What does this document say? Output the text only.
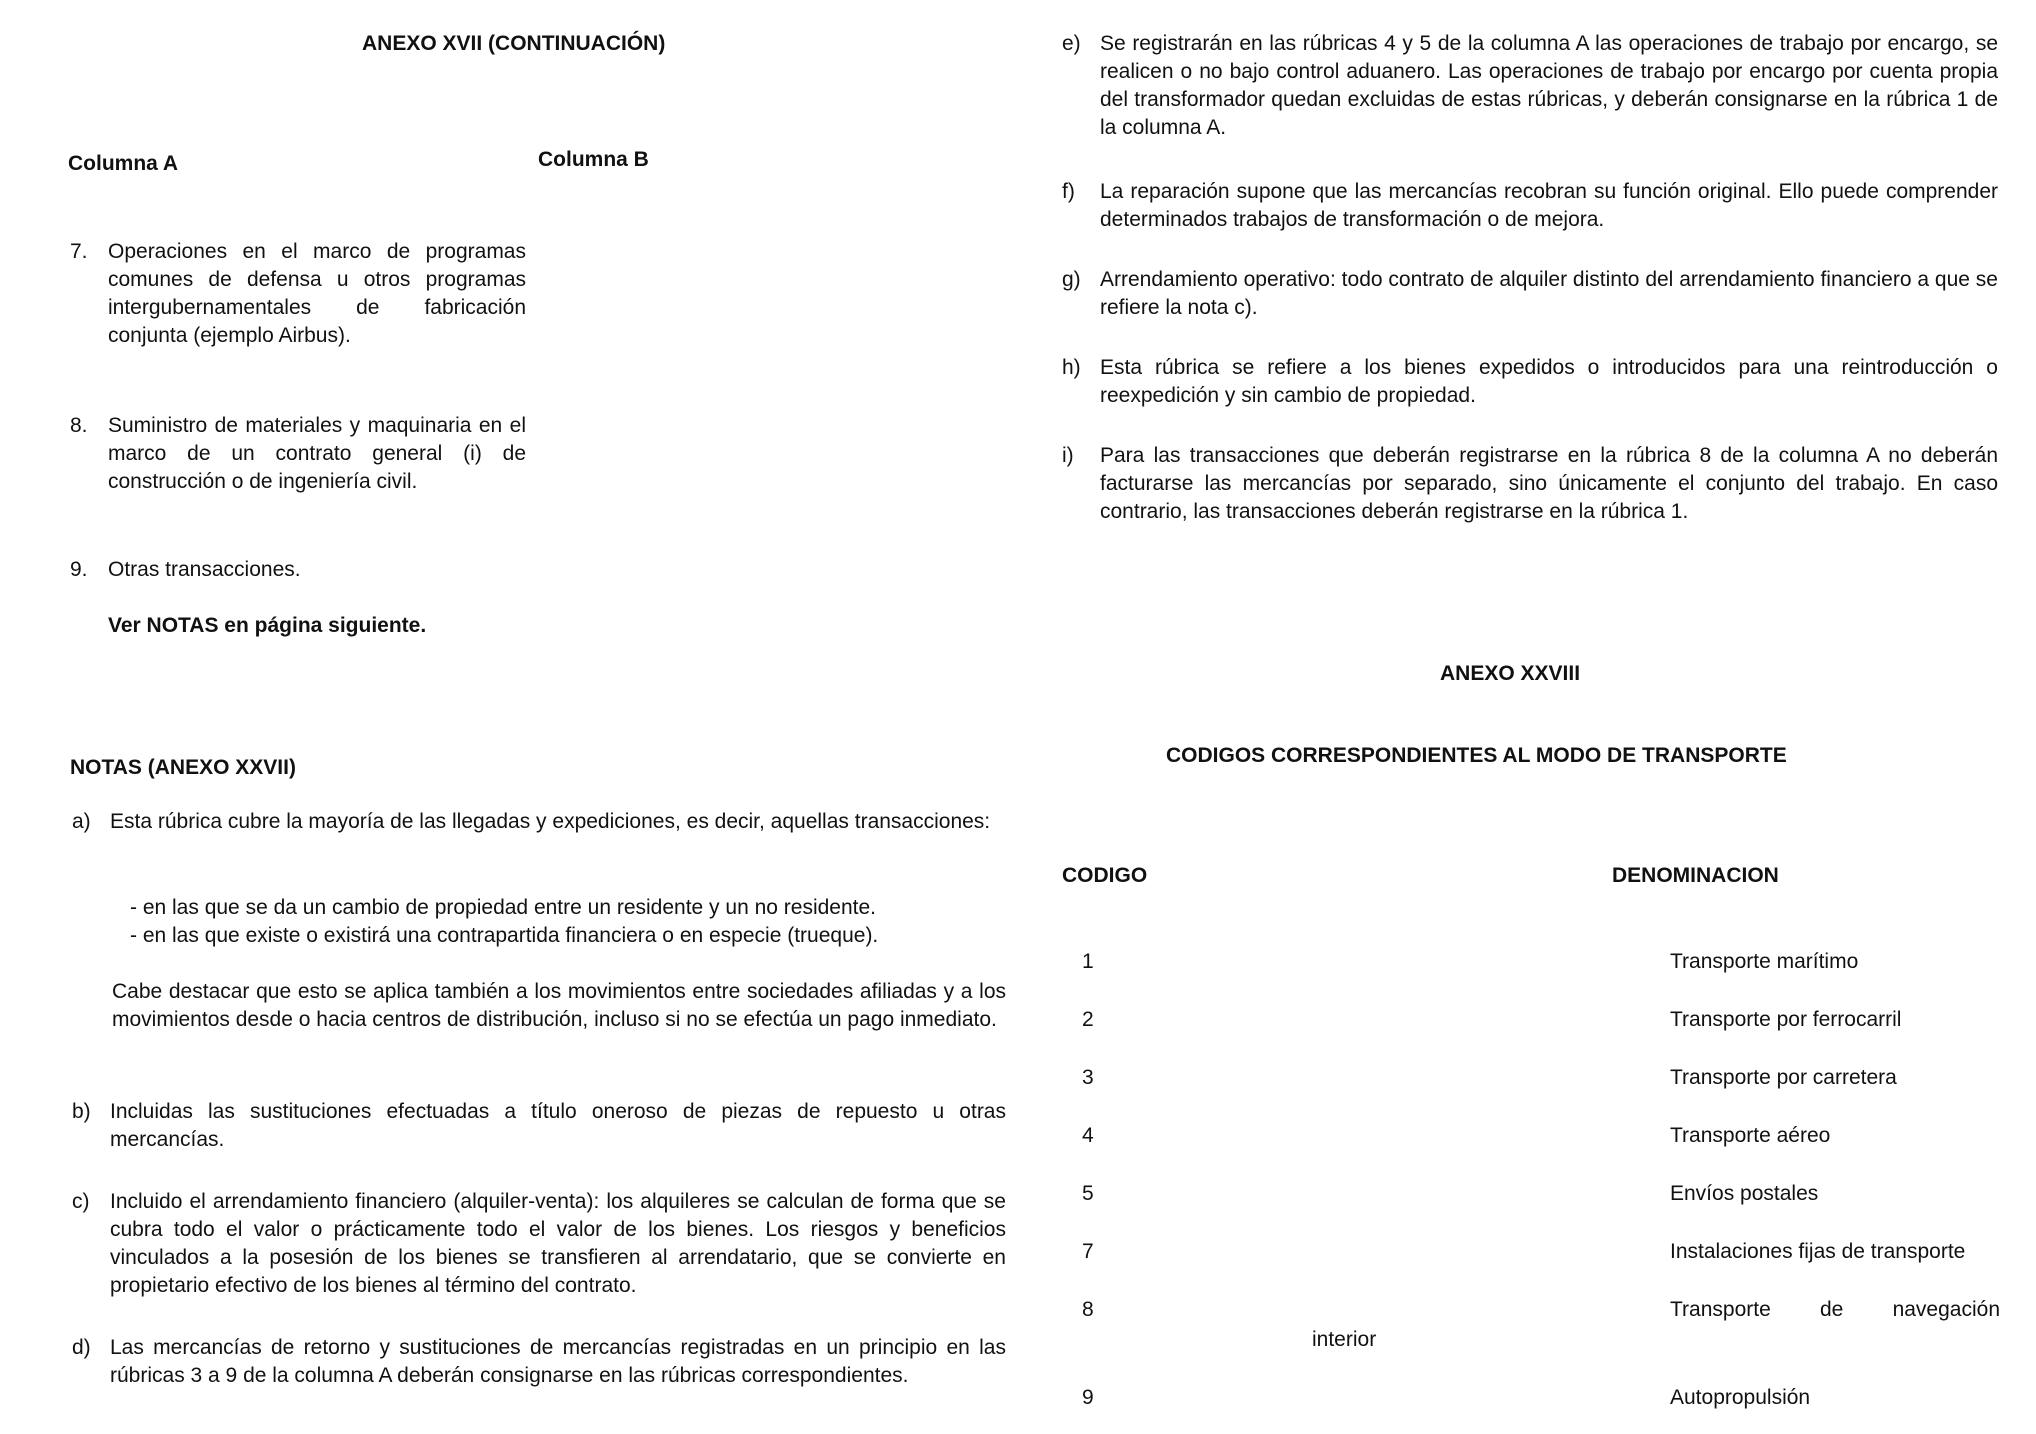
ANEXO XVII (CONTINUACIÓN)
Columna A	Columna B
7. Operaciones en el marco de programas comunes de defensa u otros programas intergubernamentales de fabricación conjunta (ejemplo Airbus).
8. Suministro de materiales y maquinaria en el marco de un contrato general (i) de construcción o de ingeniería civil.
9. Otras transacciones.
Ver NOTAS en página siguiente.
NOTAS (ANEXO XXVII)
a) Esta rúbrica cubre la mayoría de las llegadas y expediciones, es decir, aquellas transacciones:
- en las que se da un cambio de propiedad entre un residente y un no residente.
- en las que existe o existirá una contrapartida financiera o en especie (trueque).
Cabe destacar que esto se aplica también a los movimientos entre sociedades afiliadas y a los movimientos desde o hacia centros de distribución, incluso si no se efectúa un pago inmediato.
b) Incluidas las sustituciones efectuadas a título oneroso de piezas de repuesto u otras mercancías.
c) Incluido el arrendamiento financiero (alquiler-venta): los alquileres se calculan de forma que se cubra todo el valor o prácticamente todo el valor de los bienes. Los riesgos y beneficios vinculados a la posesión de los bienes se transfieren al arrendatario, que se convierte en propietario efectivo de los bienes al término del contrato.
d) Las mercancías de retorno y sustituciones de mercancías registradas en un principio en las rúbricas 3 a 9 de la columna A deberán consignarse en las rúbricas correspondientes.
e) Se registrarán en las rúbricas 4 y 5 de la columna A las operaciones de trabajo por encargo, se realicen o no bajo control aduanero. Las operaciones de trabajo por encargo por cuenta propia del transformador quedan excluidas de estas rúbricas, y deberán consignarse en la rúbrica 1 de la columna A.
f) La reparación supone que las mercancías recobran su función original. Ello puede comprender determinados trabajos de transformación o de mejora.
g) Arrendamiento operativo: todo contrato de alquiler distinto del arrendamiento financiero a que se refiere la nota c).
h) Esta rúbrica se refiere a los bienes expedidos o introducidos para una reintroducción o reexpedición y sin cambio de propiedad.
i) Para las transacciones que deberán registrarse en la rúbrica 8 de la columna A no deberán facturarse las mercancías por separado, sino únicamente el conjunto del trabajo. En caso contrario, las transacciones deberán registrarse en la rúbrica 1.
ANEXO XXVIII
CODIGOS CORRESPONDIENTES AL MODO DE TRANSPORTE
CODIGO	DENOMINACION
1	Transporte marítimo
2	Transporte por ferrocarril
3	Transporte por carretera
4	Transporte aéreo
5	Envíos postales
7	Instalaciones fijas de transporte
8	Transporte de navegación
interior
9	Autopropulsión
